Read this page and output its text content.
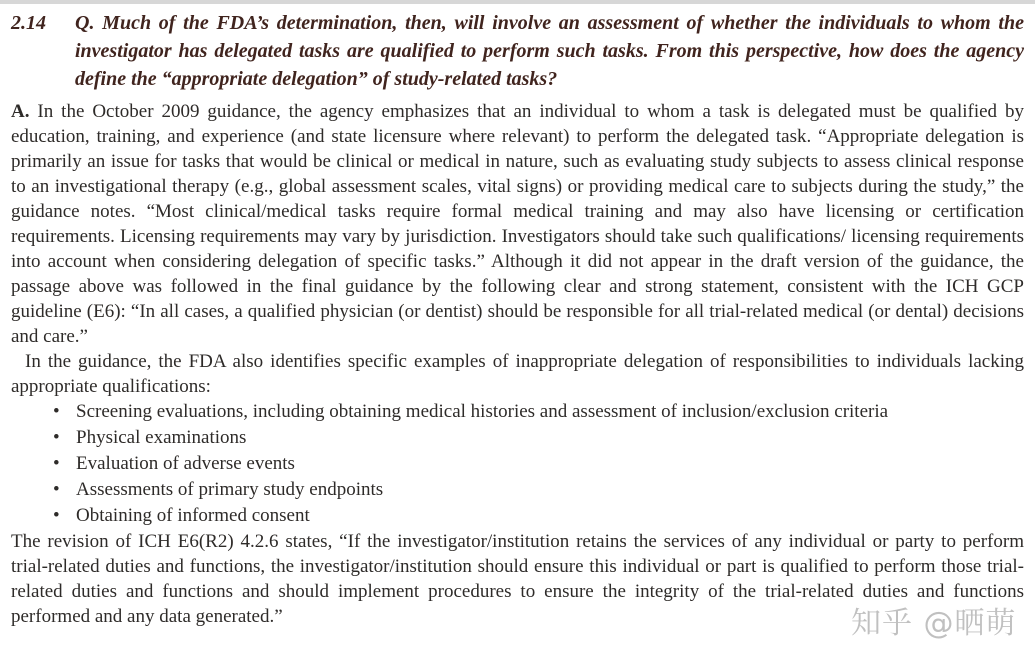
2.14	Q. Much of the FDA’s determination, then, will involve an assessment of whether the individuals to whom the investigator has delegated tasks are qualified to perform such tasks. From this perspective, how does the agency define the “appropriate delegation” of study-related tasks?

A. In the October 2009 guidance, the agency emphasizes that an individual to whom a task is delegated must be qualified by education, training, and experience (and state licensure where relevant) to perform the delegated task. “Appropriate delegation is primarily an issue for tasks that would be clinical or medical in nature, such as evaluating study subjects to assess clinical response to an investigational therapy (e.g., global assessment scales, vital signs) or providing medical care to subjects during the study,” the guidance notes. “Most clinical/medical tasks require formal medical training and may also have licensing or certification requirements. Licensing requirements may vary by jurisdiction. Investigators should take such qualifications/ licensing requirements into account when considering delegation of specific tasks.” Although it did not appear in the draft version of the guidance, the passage above was followed in the final guidance by the following clear and strong statement, consistent with the ICH GCP guideline (E6): “In all cases, a qualified physician (or dentist) should be responsible for all trial-related medical (or dental) decisions and care.”

In the guidance, the FDA also identifies specific examples of inappropriate delegation of responsibilities to individuals lacking appropriate qualifications:

• Screening evaluations, including obtaining medical histories and assessment of inclusion/exclusion criteria
• Physical examinations
• Evaluation of adverse events
• Assessments of primary study endpoints
• Obtaining of informed consent

The revision of ICH E6(R2) 4.2.6 states, “If the investigator/institution retains the services of any individual or party to perform trial-related duties and functions, the investigator/institution should ensure this individual or part is qualified to perform those trial-related duties and functions and should implement procedures to ensure the integrity of the trial-related duties and functions performed and any data generated.”	知乎 @晒萌
